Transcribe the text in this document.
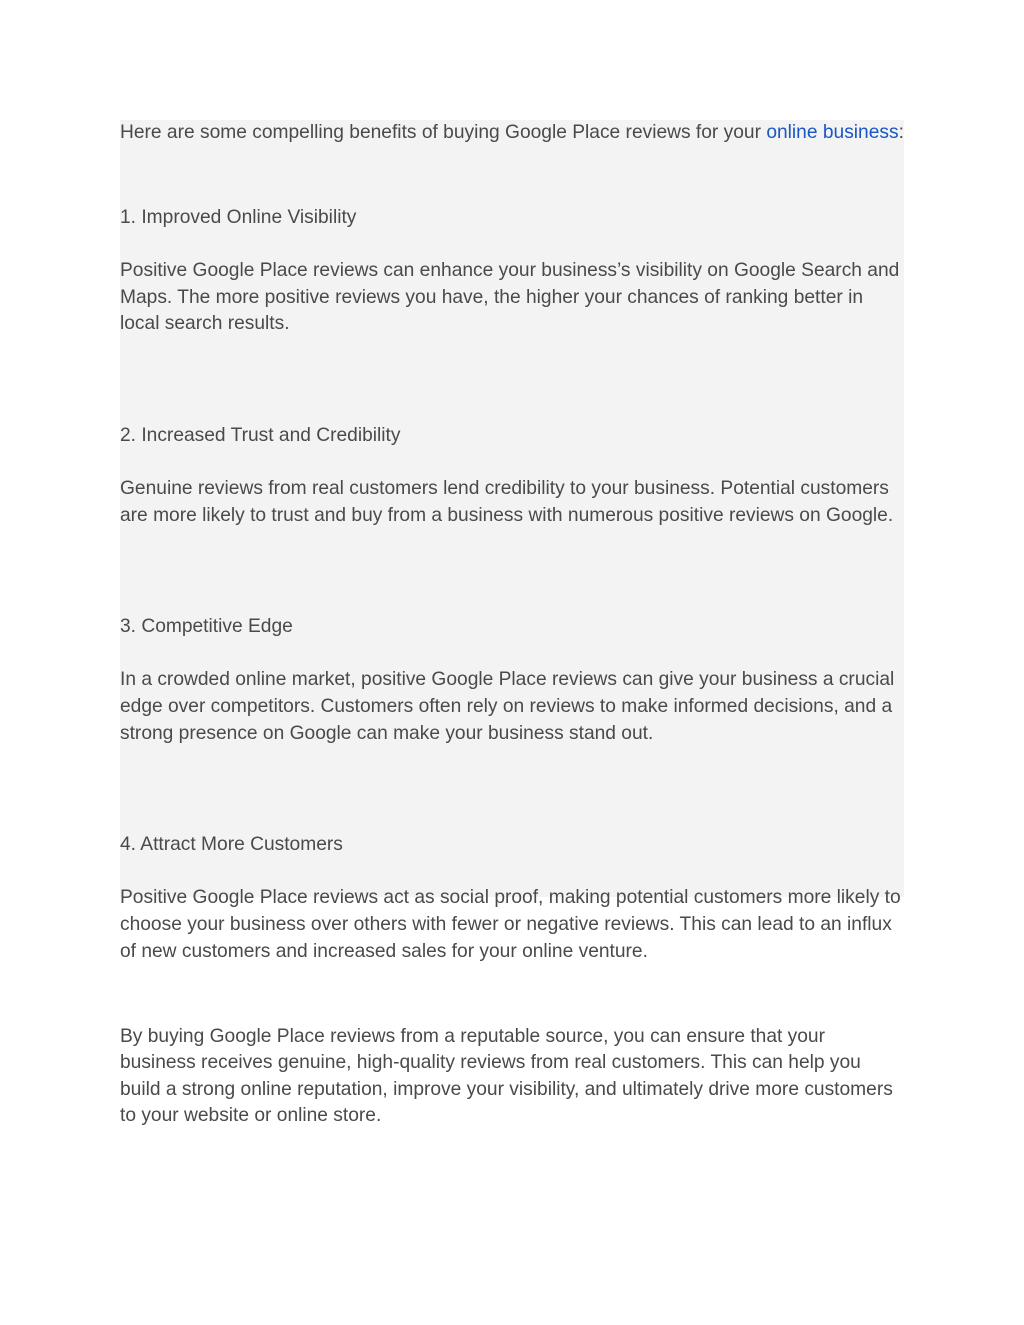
Here are some compelling benefits of buying Google Place reviews for your online business:

1. Improved Online Visibility

Positive Google Place reviews can enhance your business’s visibility on Google Search and Maps. The more positive reviews you have, the higher your chances of ranking better in local search results.

2. Increased Trust and Credibility

Genuine reviews from real customers lend credibility to your business. Potential customers are more likely to trust and buy from a business with numerous positive reviews on Google.

3. Competitive Edge

In a crowded online market, positive Google Place reviews can give your business a crucial edge over competitors. Customers often rely on reviews to make informed decisions, and a strong presence on Google can make your business stand out.

4. Attract More Customers

Positive Google Place reviews act as social proof, making potential customers more likely to choose your business over others with fewer or negative reviews. This can lead to an influx of new customers and increased sales for your online venture.

By buying Google Place reviews from a reputable source, you can ensure that your business receives genuine, high-quality reviews from real customers. This can help you build a strong online reputation, improve your visibility, and ultimately drive more customers to your website or online store.
